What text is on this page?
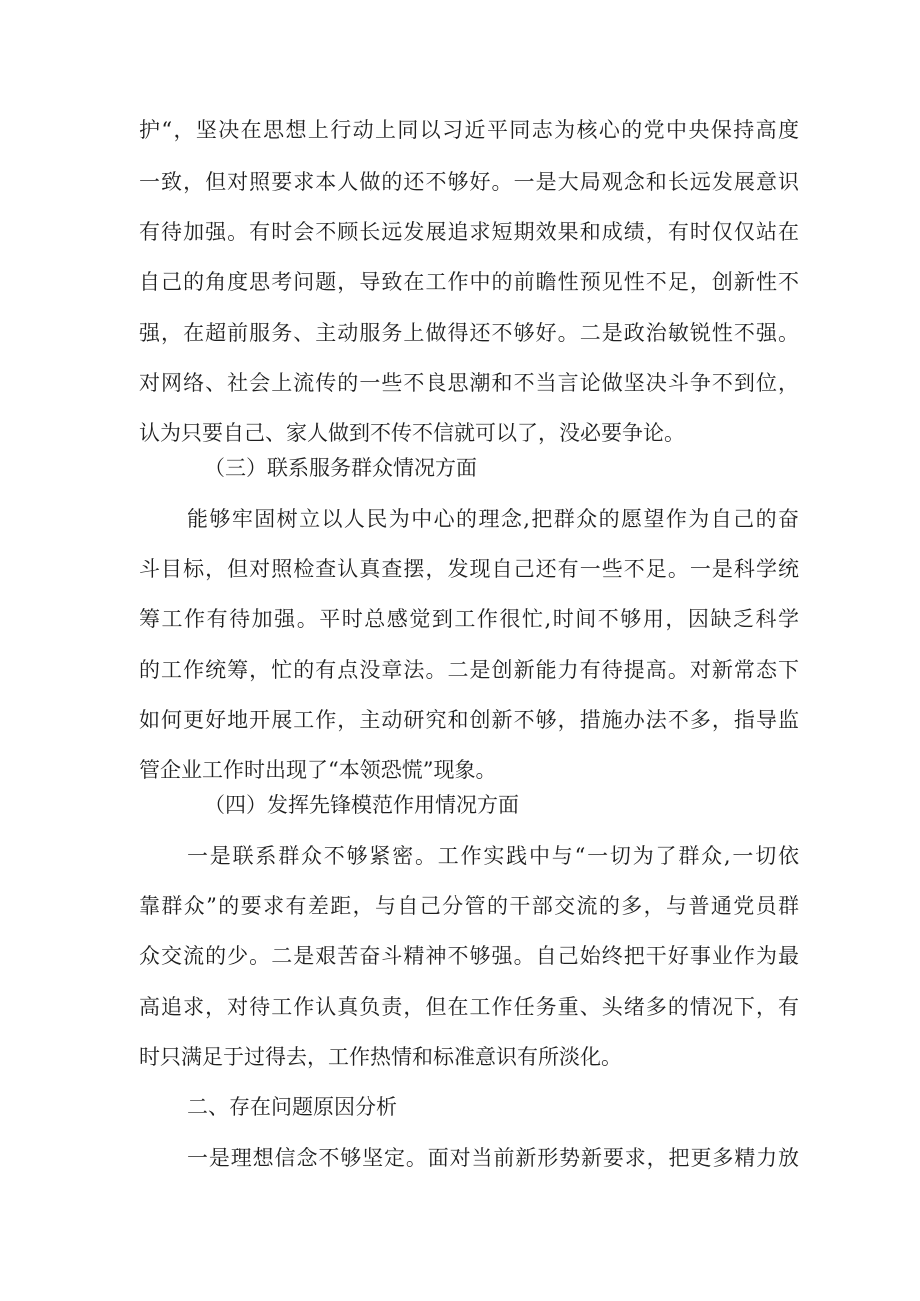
护“，坚决在思想上行动上同以习近平同志为核心的党中央保持高度
一致，但对照要求本人做的还不够好。一是大局观念和长远发展意识
有待加强。有时会不顾长远发展追求短期效果和成绩，有时仅仅站在
自己的角度思考问题，导致在工作中的前瞻性预见性不足，创新性不
强，在超前服务、主动服务上做得还不够好。二是政治敏锐性不强。
对网络、社会上流传的一些不良思潮和不当言论做坚决斗争不到位，
认为只要自己、家人做到不传不信就可以了，没必要争论。
（三）联系服务群众情况方面
能够牢固树立以人民为中心的理念,把群众的愿望作为自己的奋
斗目标，但对照检查认真查摆，发现自己还有一些不足。一是科学统
筹工作有待加强。平时总感觉到工作很忙,时间不够用，因缺乏科学
的工作统筹，忙的有点没章法。二是创新能力有待提高。对新常态下
如何更好地开展工作，主动研究和创新不够，措施办法不多，指导监
管企业工作时出现了“本领恐慌”现象。
（四）发挥先锋模范作用情况方面
一是联系群众不够紧密。工作实践中与“一切为了群众,一切依
靠群众”的要求有差距，与自己分管的干部交流的多，与普通党员群
众交流的少。二是艰苦奋斗精神不够强。自己始终把干好事业作为最
高追求，对待工作认真负责，但在工作任务重、头绪多的情况下，有
时只满足于过得去，工作热情和标准意识有所淡化。
二、存在问题原因分析
一是理想信念不够坚定。面对当前新形势新要求，把更多精力放
